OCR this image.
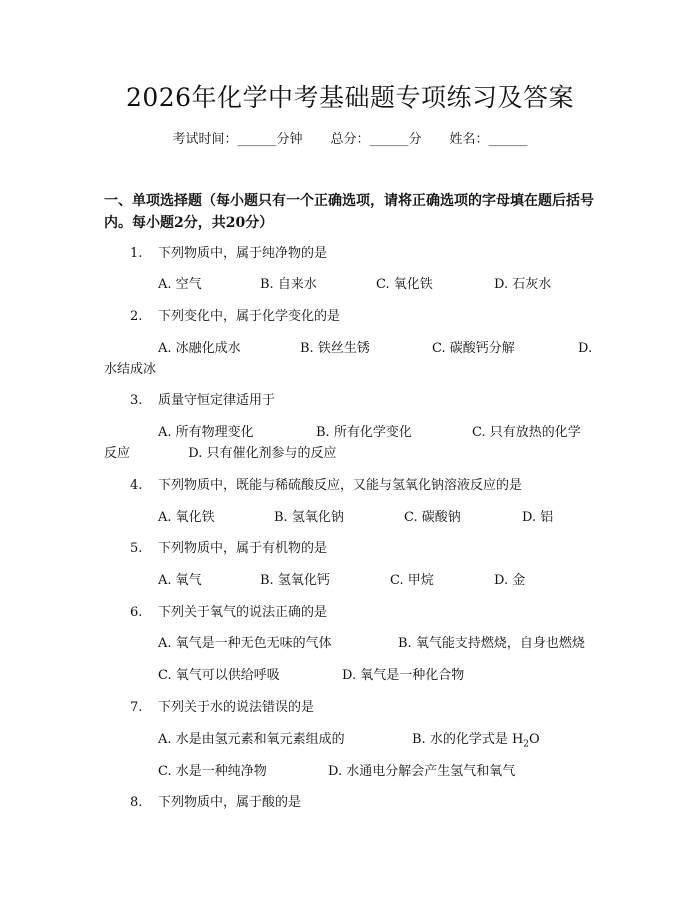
2026年化学中考基础题专项练习及答案
考试时间：______分钟 总分：______分 姓名：______
一、单项选择题（每小题只有一个正确选项，请将正确选项的字母填在题后括号内。每小题2分，共20分）
1. 下列物质中，属于纯净物的是
A. 空气	B. 自来水	C. 氧化铁	D. 石灰水
2. 下列变化中，属于化学变化的是
A. 冰融化成水	B. 铁丝生锈	C. 碳酸钙分解	D.
水结成冰
3. 质量守恒定律适用于
A. 所有物理变化	B. 所有化学变化	C. 只有放热的化学
反应	D. 只有催化剂参与的反应
4. 下列物质中，既能与稀硫酸反应，又能与氢氧化钠溶液反应的是
A. 氧化铁	B. 氢氧化钠	C. 碳酸钠	D. 铝
5. 下列物质中，属于有机物的是
A. 氧气	B. 氢氧化钙	C. 甲烷	D. 金
6. 下列关于氧气的说法正确的是
A. 氧气是一种无色无味的气体	B. 氧气能支持燃烧，自身也燃烧
C. 氧气可以供给呼吸	D. 氧气是一种化合物
7. 下列关于水的说法错误的是
A. 水是由氢元素和氧元素组成的	B. 水的化学式是 $H_2O$
C. 水是一种纯净物	D. 水通电分解会产生氢气和氧气
8. 下列物质中，属于酸的是
